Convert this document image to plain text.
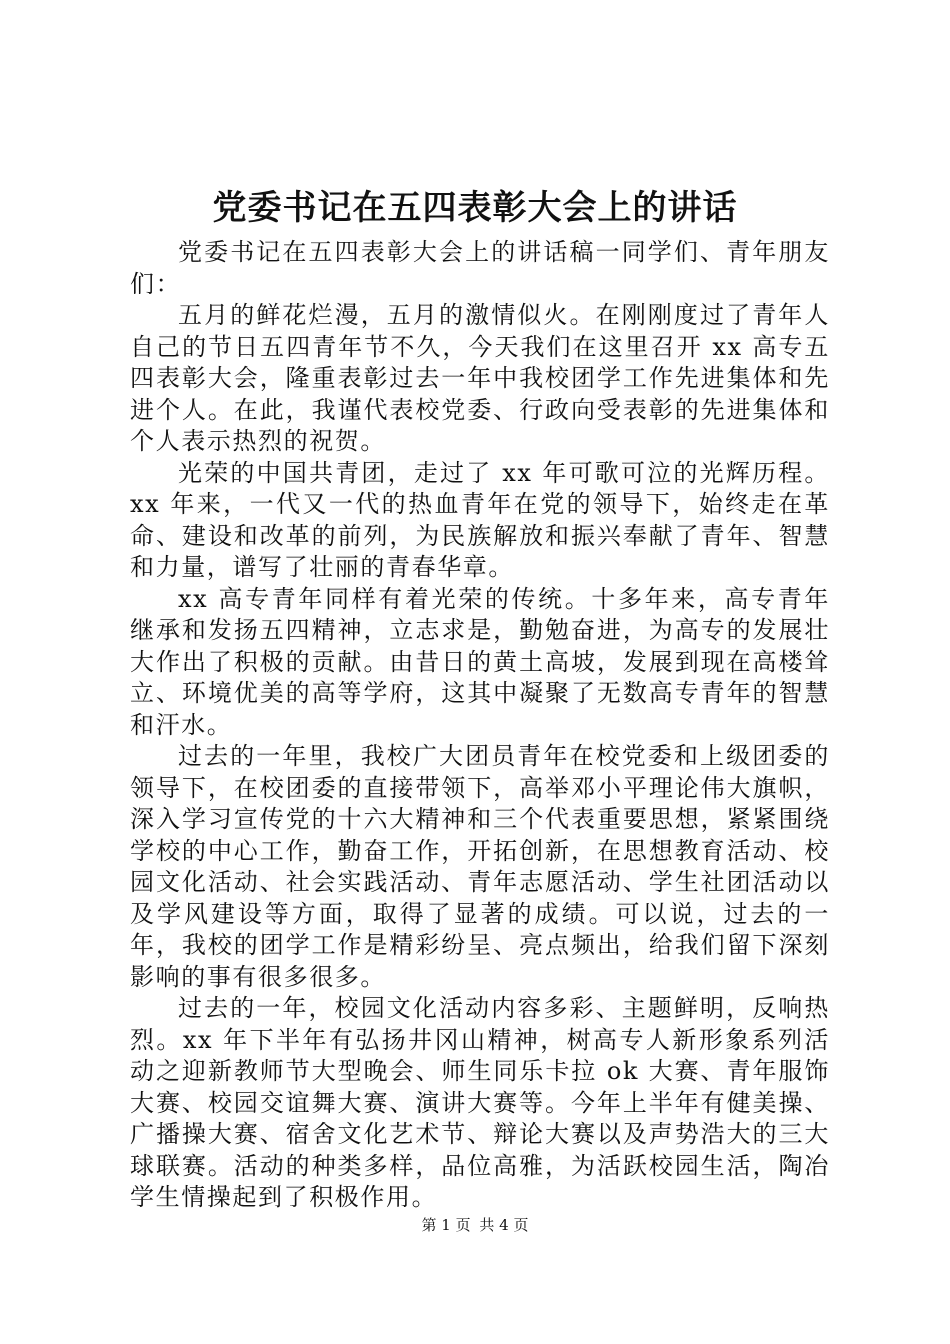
党委书记在五四表彰大会上的讲话

党委书记在五四表彰大会上的讲话稿一同学们、青年朋友们：

五月的鲜花烂漫，五月的激情似火。在刚刚度过了青年人自己的节日五四青年节不久，今天我们在这里召开 xx 高专五四表彰大会，隆重表彰过去一年中我校团学工作先进集体和先进个人。在此，我谨代表校党委、行政向受表彰的先进集体和个人表示热烈的祝贺。

光荣的中国共青团，走过了 xx 年可歌可泣的光辉历程。xx 年来，一代又一代的热血青年在党的领导下，始终走在革命、建设和改革的前列，为民族解放和振兴奉献了青年、智慧和力量，谱写了壮丽的青春华章。

xx 高专青年同样有着光荣的传统。十多年来，高专青年继承和发扬五四精神，立志求是，勤勉奋进，为高专的发展壮大作出了积极的贡献。由昔日的黄土高坡，发展到现在高楼耸立、环境优美的高等学府，这其中凝聚了无数高专青年的智慧和汗水。

过去的一年里，我校广大团员青年在校党委和上级团委的领导下，在校团委的直接带领下，高举邓小平理论伟大旗帜，深入学习宣传党的十六大精神和三个代表重要思想，紧紧围绕学校的中心工作，勤奋工作，开拓创新，在思想教育活动、校园文化活动、社会实践活动、青年志愿活动、学生社团活动以及学风建设等方面，取得了显著的成绩。可以说，过去的一年，我校的团学工作是精彩纷呈、亮点频出，给我们留下深刻影响的事有很多很多。

过去的一年，校园文化活动内容多彩、主题鲜明，反响热烈。xx 年下半年有弘扬井冈山精神，树高专人新形象系列活动之迎新教师节大型晚会、师生同乐卡拉 ok 大赛、青年服饰大赛、校园交谊舞大赛、演讲大赛等。今年上半年有健美操、广播操大赛、宿舍文化艺术节、辩论大赛以及声势浩大的三大球联赛。活动的种类多样，品位高雅，为活跃校园生活，陶冶学生情操起到了积极作用。

第 1 页 共 4 页
